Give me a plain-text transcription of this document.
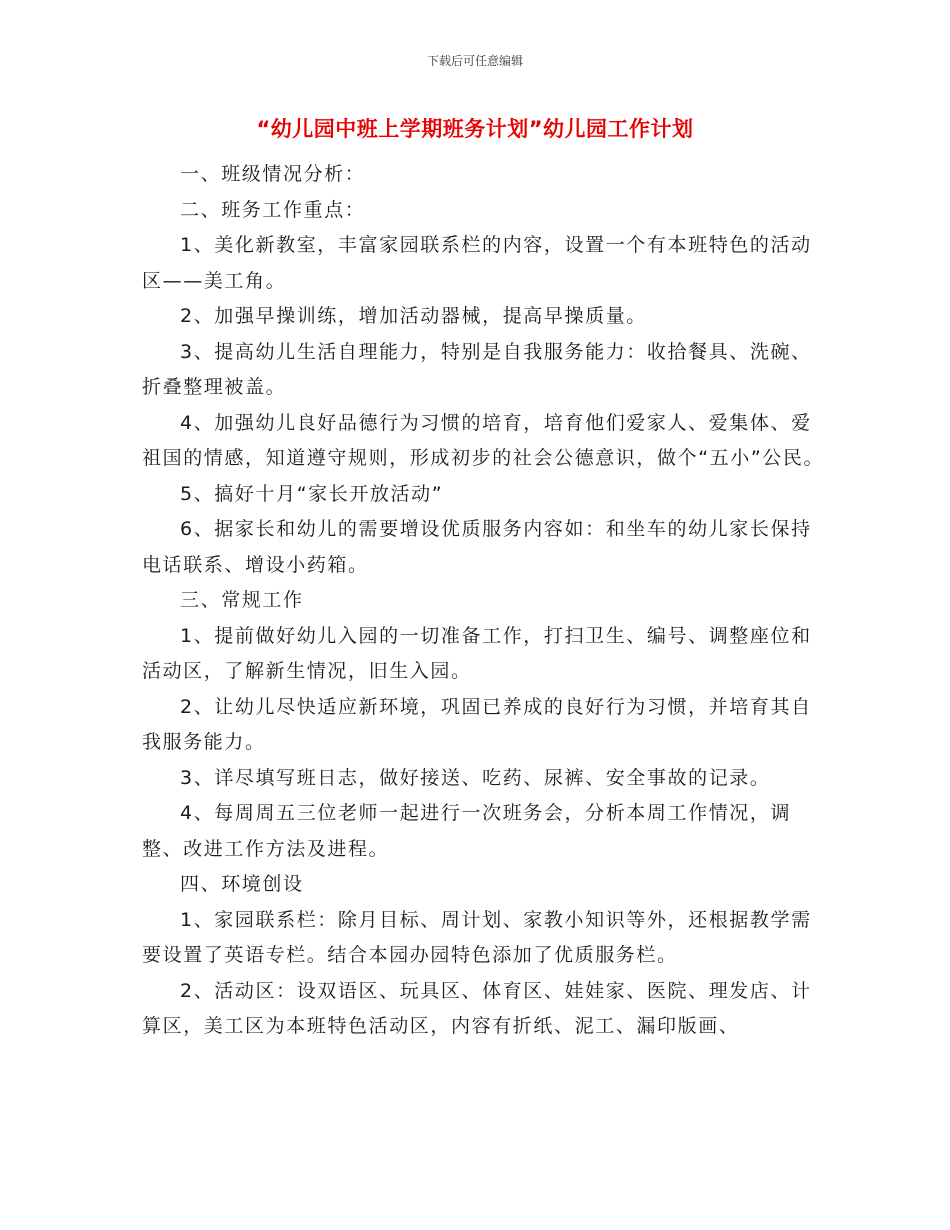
下载后可任意编辑
“幼儿园中班上学期班务计划”幼儿园工作计划

一、班级情况分析：

二、班务工作重点：

1、美化新教室，丰富家园联系栏的内容，设置一个有本班特色的活动区——美工角。

2、加强早操训练，增加活动器械，提高早操质量。

3、提高幼儿生活自理能力，特别是自我服务能力：收拾餐具、洗碗、折叠整理被盖。

4、加强幼儿良好品德行为习惯的培育，培育他们爱家人、爱集体、爱祖国的情感，知道遵守规则，形成初步的社会公德意识，做个“五小”公民。

5、搞好十月“家长开放活动”

6、据家长和幼儿的需要增设优质服务内容如：和坐车的幼儿家长保持电话联系、增设小药箱。

三、常规工作

1、提前做好幼儿入园的一切准备工作，打扫卫生、编号、调整座位和活动区，了解新生情况，旧生入园。

2、让幼儿尽快适应新环境，巩固已养成的良好行为习惯，并培育其自我服务能力。

3、详尽填写班日志，做好接送、吃药、尿裤、安全事故的记录。

4、每周周五三位老师一起进行一次班务会，分析本周工作情况，调整、改进工作方法及进程。

四、环境创设

1、家园联系栏：除月目标、周计划、家教小知识等外，还根据教学需要设置了英语专栏。结合本园办园特色添加了优质服务栏。

2、活动区：设双语区、玩具区、体育区、娃娃家、医院、理发店、计算区，美工区为本班特色活动区，内容有折纸、泥工、漏印版画、
